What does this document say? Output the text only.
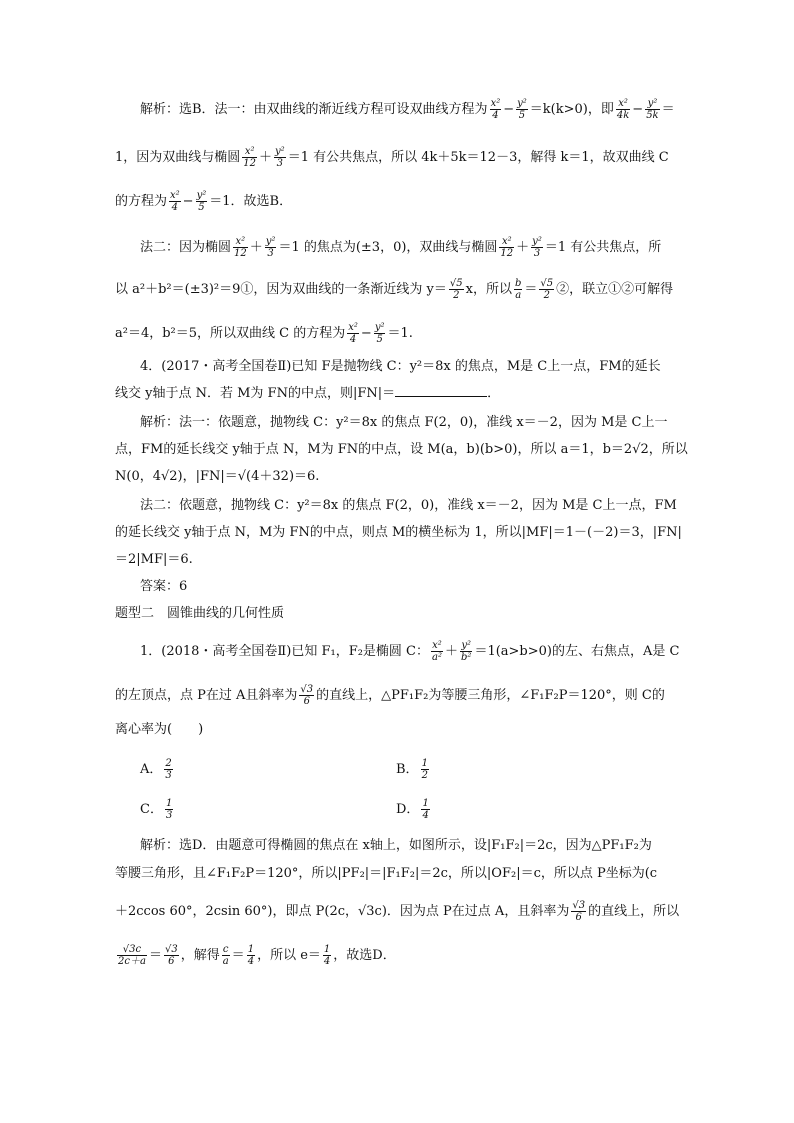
解析：选B．法一：由双曲线的渐近线方程可设双曲线方程为 $\frac{\text{x²}}{4} - \frac{\text{y²}}{5} =k(k>0)$，即 $\frac{\text{x²}}{4k} - \frac{\text{y²}}{5k}$ ＝
1，因为双曲线与椭圆 $\frac{\text{x²}}{12} + \frac{\text{y²}}{3} =1$ 有公共焦点，所以 4k＋5k＝12－3，解得 k＝1，故双曲线 C
的方程为 $\frac{\text{x²}}{4} - \frac{\text{y²}}{5} =1$．故选B．
法二：因为椭圆 $\frac{\text{x²}}{12} + \frac{\text{y²}}{3} =1$ 的焦点为(±3，0)，双曲线与椭圆 $\frac{\text{x²}}{12} + \frac{\text{y²}}{3} =1$ 有公共焦点，所
以 a²＋b²＝(±3)²＝9①，因为双曲线的一条渐近线为 $y= \frac{√5}{2}$ x，所以 $\frac{b}{a} = \frac{√5}{2}$ ②，联立①②可解得
a²＝4，b²＝5，所以双曲线 C 的方程为 $\frac{\text{x²}}{4} - \frac{\text{y²}}{5} =1$.
4．(2017・高考全国卷Ⅱ)已知 F是抛物线 C：y²＝8x 的焦点，M是 C上一点，FM的延长
线交 y轴于点 N．若 M为 FN的中点，则|FN|＝	．
解析：法一：依题意，抛物线 C：y²＝8x 的焦点 F(2，0)，准线 x＝－2，因为 M是 C上一
点，FM的延长线交 y轴于点 N，M为 FN的中点，设 M(a，b)(b>0)，所以 a＝1，b＝2√2，所以
N(0，4√2)，|FN|＝√(4＋32)＝6.
法二：依题意，抛物线 C：y²＝8x 的焦点 F(2，0)，准线 x＝－2，因为 M是 C上一点，FM
的延长线交 y轴于点 N，M为 FN的中点，则点 M的横坐标为 1，所以|MF|＝1－(－2)＝3，|FN|
＝2|MF|＝6.
答案：6
题型二　圆锥曲线的几何性质
1．(2018・高考全国卷Ⅱ)已知 F₁，F₂是椭圆 C： $\frac{\text{x²}}{\text{a²}} + \frac{\text{y²}}{\text{b²}} =1(a>b>0)$的左、右焦点，A是 C
的左顶点，点 P在过 A且斜率为 $\frac{√3}{6}$ 的直线上，△PF₁F₂为等腰三角形，∠F₁F₂P＝120°，则 C的
离心率为(　　)
A． $\frac{2}{3}$	B． $\frac{1}{2}$
C． $\frac{1}{3}$	D． $\frac{1}{4}$
解析：选D．由题意可得椭圆的焦点在 x轴上，如图所示，设|F₁F₂|＝2c，因为△PF₁F₂为
等腰三角形，且∠F₁F₂P＝120°，所以|PF₂|＝|F₁F₂|＝2c，所以|OF₂|＝c，所以点 P坐标为(c
＋2ccos 60°，2csin 60°)，即点 P(2c，√3c)．因为点 P在过点 A，且斜率为 $\frac{√3}{6}$ 的直线上，所以
$\frac{√3c}{2c+a} = \frac{√3}{6}$ ，解得 $\frac{c}{a} = \frac{1}{4}$ ，所以 $e= \frac{1}{4}$ ，故选D．
